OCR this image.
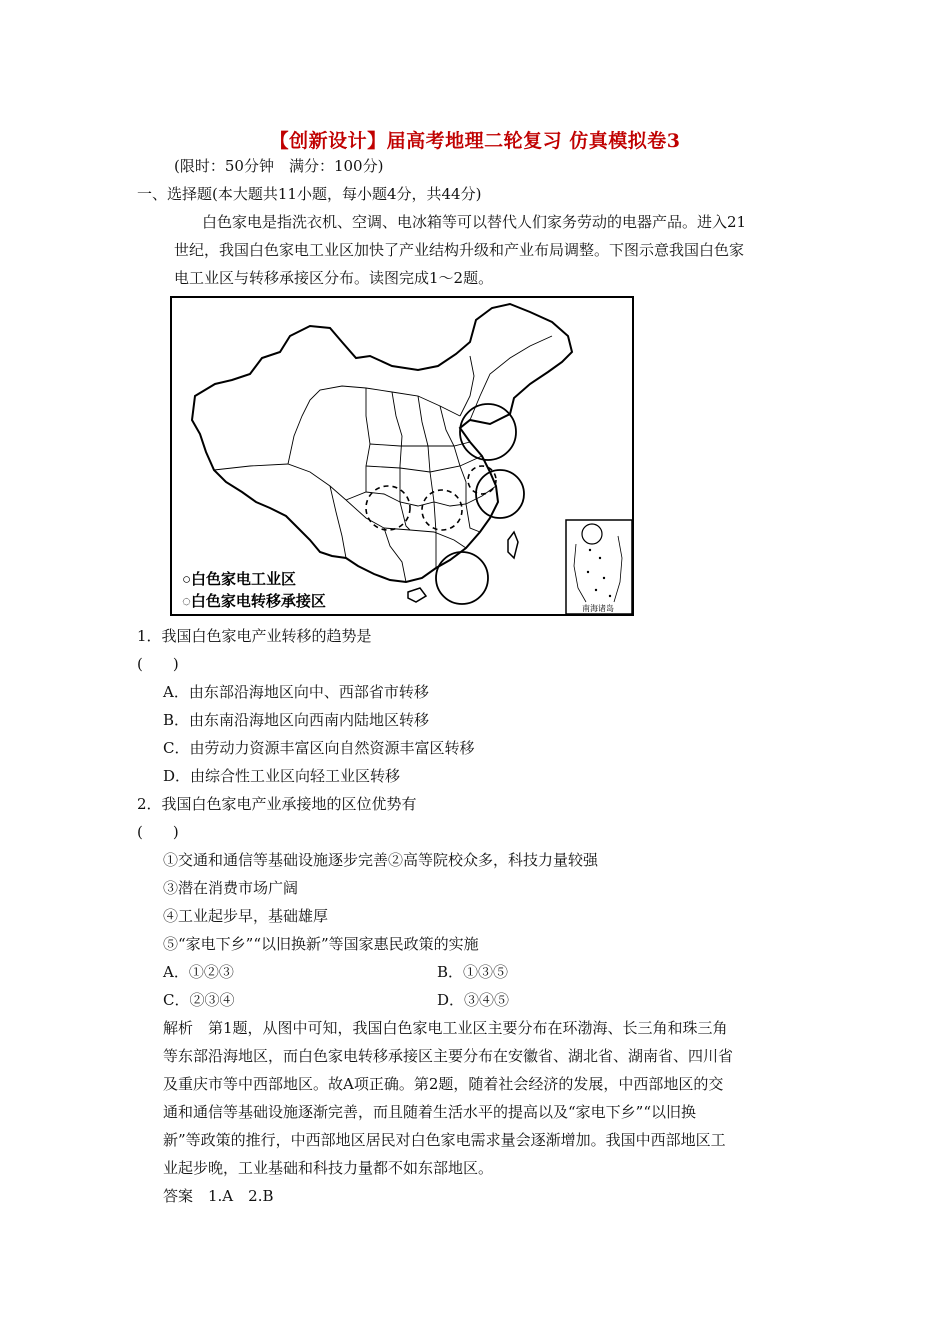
【创新设计】届高考地理二轮复习 仿真模拟卷3
(限时：50分钟　满分：100分)
一、选择题(本大题共11小题，每小题4分，共44分)
白色家电是指洗衣机、空调、电冰箱等可以替代人们家务劳动的电器产品。进入21
世纪，我国白色家电工业区加快了产业结构升级和产业布局调整。下图示意我国白色家
电工业区与转移承接区分布。读图完成1～2题。
○白色家电工业区
◌白色家电转移承接区	南海诸岛
1．我国白色家电产业转移的趋势是
(　　)
A．由东部沿海地区向中、西部省市转移
B．由东南沿海地区向西南内陆地区转移
C．由劳动力资源丰富区向自然资源丰富区转移
D．由综合性工业区向轻工业区转移
2．我国白色家电产业承接地的区位优势有
(　　)
①交通和通信等基础设施逐步完善②高等院校众多，科技力量较强
③潜在消费市场广阔
④工业起步早，基础雄厚
⑤“家电下乡”“以旧换新”等国家惠民政策的实施
A．①②③	B．①③⑤
C．②③④	D．③④⑤
解析　第1题，从图中可知，我国白色家电工业区主要分布在环渤海、长三角和珠三角
等东部沿海地区，而白色家电转移承接区主要分布在安徽省、湖北省、湖南省、四川省
及重庆市等中西部地区。故A项正确。第2题，随着社会经济的发展，中西部地区的交
通和通信等基础设施逐渐完善，而且随着生活水平的提高以及“家电下乡”“以旧换
新”等政策的推行，中西部地区居民对白色家电需求量会逐渐增加。我国中西部地区工
业起步晚，工业基础和科技力量都不如东部地区。
答案　1.A　2.B
